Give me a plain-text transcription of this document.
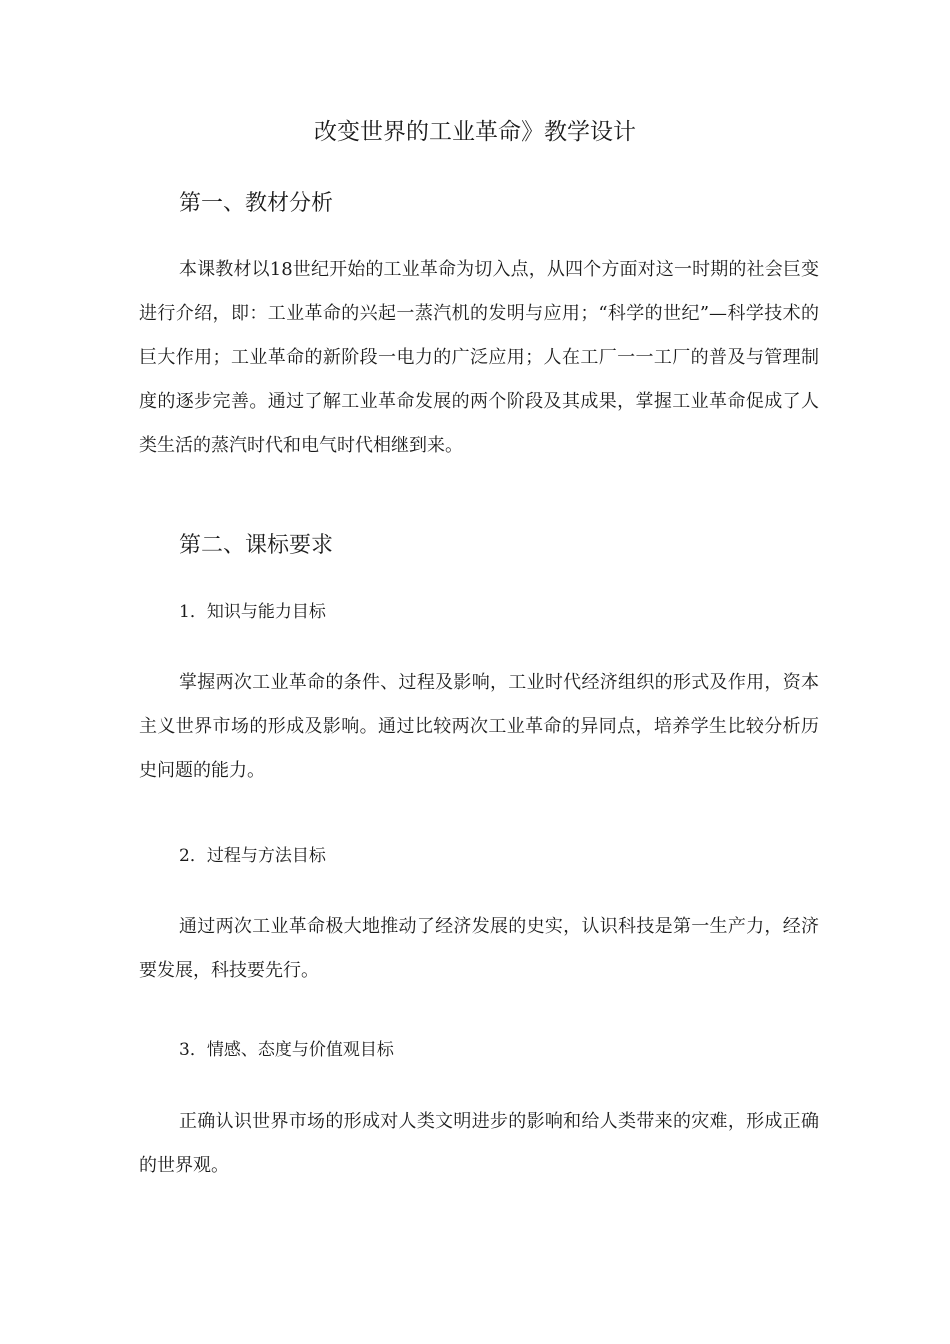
改变世界的工业革命》教学设计
第一、教材分析

本课教材以18世纪开始的工业革命为切入点，从四个方面对这一时期的社会巨变进行介绍，即：工业革命的兴起一蒸汽机的发明与应用；“科学的世纪”—科学技术的巨大作用；工业革命的新阶段一电力的广泛应用；人在工厂一一工厂的普及与管理制度的逐步完善。通过了解工业革命发展的两个阶段及其成果，掌握工业革命促成了人类生活的蒸汽时代和电气时代相继到来。

第二、课标要求
1．知识与能力目标

掌握两次工业革命的条件、过程及影响，工业时代经济组织的形式及作用，资本主义世界市场的形成及影响。通过比较两次工业革命的异同点，培养学生比较分析历史问题的能力。

2．过程与方法目标

通过两次工业革命极大地推动了经济发展的史实，认识科技是第一生产力，经济要发展，科技要先行。

3．情感、态度与价值观目标

正确认识世界市场的形成对人类文明进步的影响和给人类带来的灾难，形成正确的世界观。
